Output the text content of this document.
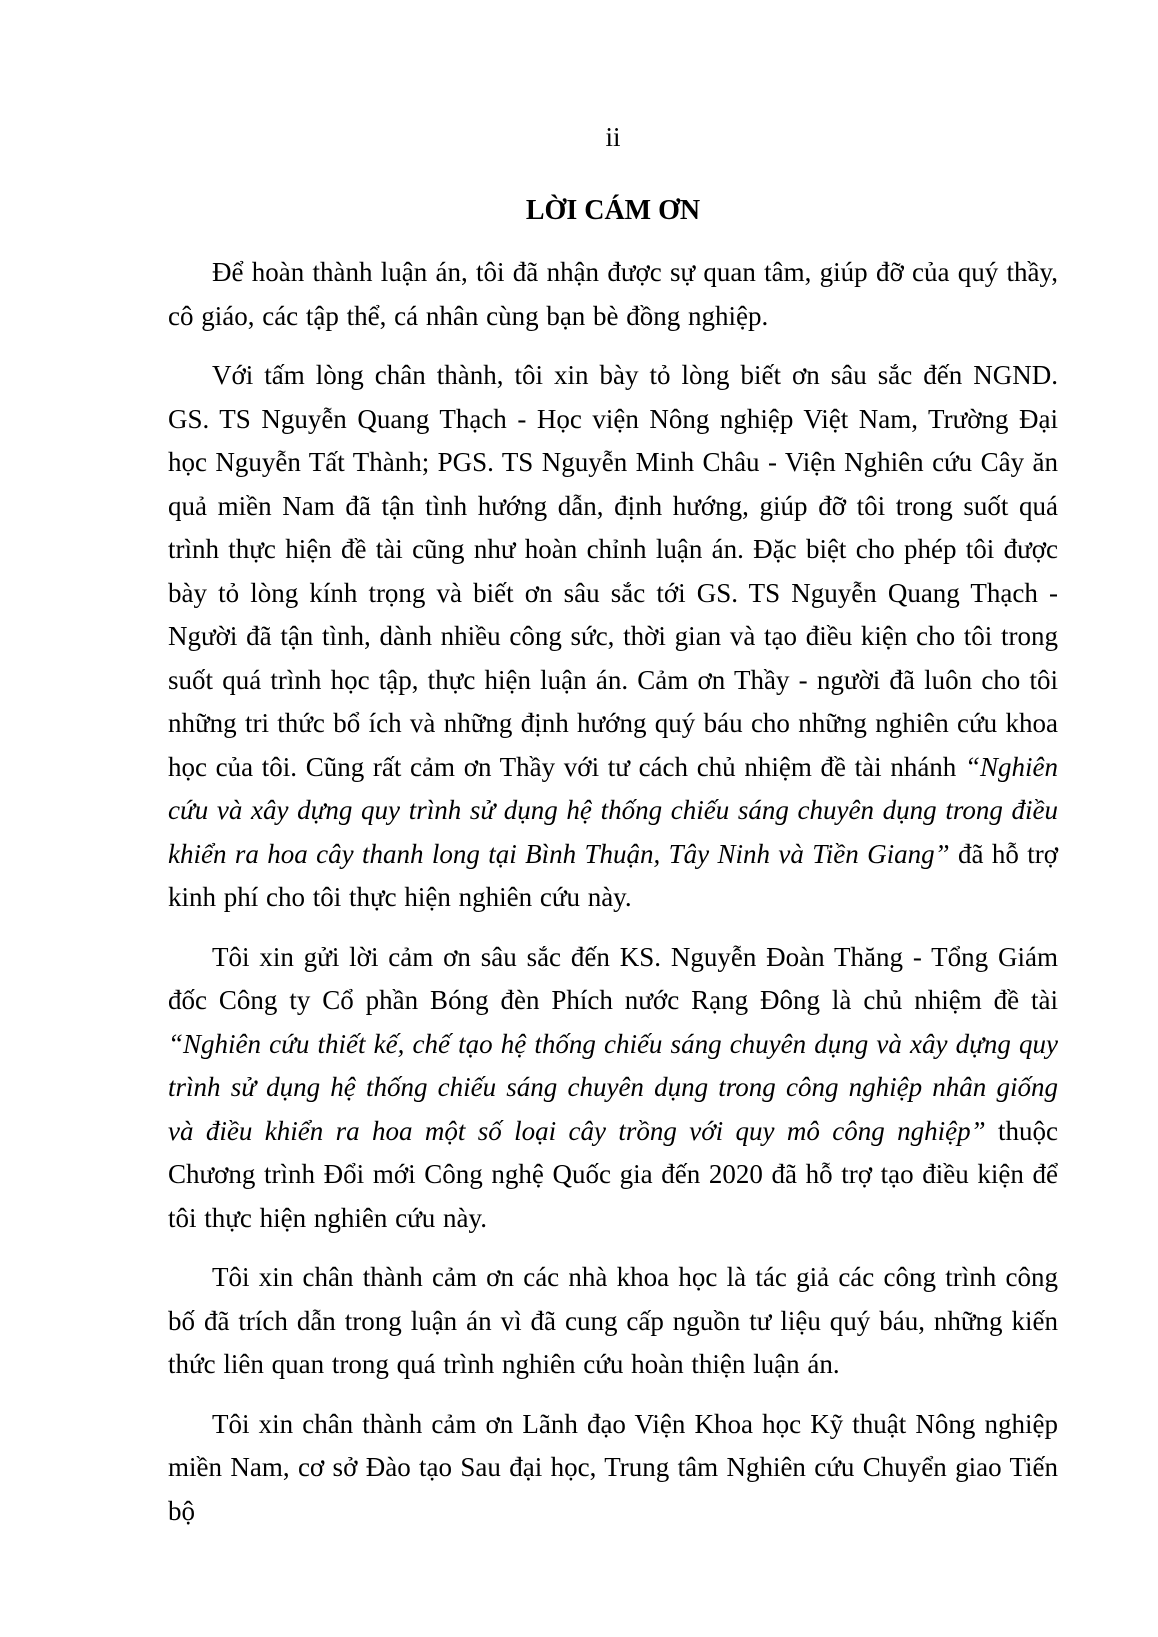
ii
LỜI CÁM ƠN

Để hoàn thành luận án, tôi đã nhận được sự quan tâm, giúp đỡ của quý thầy, cô giáo, các tập thể, cá nhân cùng bạn bè đồng nghiệp.

Với tấm lòng chân thành, tôi xin bày tỏ lòng biết ơn sâu sắc đến NGND. GS. TS Nguyễn Quang Thạch - Học viện Nông nghiệp Việt Nam, Trường Đại học Nguyễn Tất Thành; PGS. TS Nguyễn Minh Châu - Viện Nghiên cứu Cây ăn quả miền Nam đã tận tình hướng dẫn, định hướng, giúp đỡ tôi trong suốt quá trình thực hiện đề tài cũng như hoàn chỉnh luận án. Đặc biệt cho phép tôi được bày tỏ lòng kính trọng và biết ơn sâu sắc tới GS. TS Nguyễn Quang Thạch - Người đã tận tình, dành nhiều công sức, thời gian và tạo điều kiện cho tôi trong suốt quá trình học tập, thực hiện luận án. Cảm ơn Thầy - người đã luôn cho tôi những tri thức bổ ích và những định hướng quý báu cho những nghiên cứu khoa học của tôi. Cũng rất cảm ơn Thầy với tư cách chủ nhiệm đề tài nhánh “Nghiên cứu và xây dựng quy trình sử dụng hệ thống chiếu sáng chuyên dụng trong điều khiển ra hoa cây thanh long tại Bình Thuận, Tây Ninh và Tiền Giang” đã hỗ trợ kinh phí cho tôi thực hiện nghiên cứu này.

Tôi xin gửi lời cảm ơn sâu sắc đến KS. Nguyễn Đoàn Thăng - Tổng Giám đốc Công ty Cổ phần Bóng đèn Phích nước Rạng Đông là chủ nhiệm đề tài “Nghiên cứu thiết kế, chế tạo hệ thống chiếu sáng chuyên dụng và xây dựng quy trình sử dụng hệ thống chiếu sáng chuyên dụng trong công nghiệp nhân giống và điều khiển ra hoa một số loại cây trồng với quy mô công nghiệp” thuộc Chương trình Đổi mới Công nghệ Quốc gia đến 2020 đã hỗ trợ tạo điều kiện để tôi thực hiện nghiên cứu này.

Tôi xin chân thành cảm ơn các nhà khoa học là tác giả các công trình công bố đã trích dẫn trong luận án vì đã cung cấp nguồn tư liệu quý báu, những kiến thức liên quan trong quá trình nghiên cứu hoàn thiện luận án.

Tôi xin chân thành cảm ơn Lãnh đạo Viện Khoa học Kỹ thuật Nông nghiệp miền Nam, cơ sở Đào tạo Sau đại học, Trung tâm Nghiên cứu Chuyển giao Tiến bộ
